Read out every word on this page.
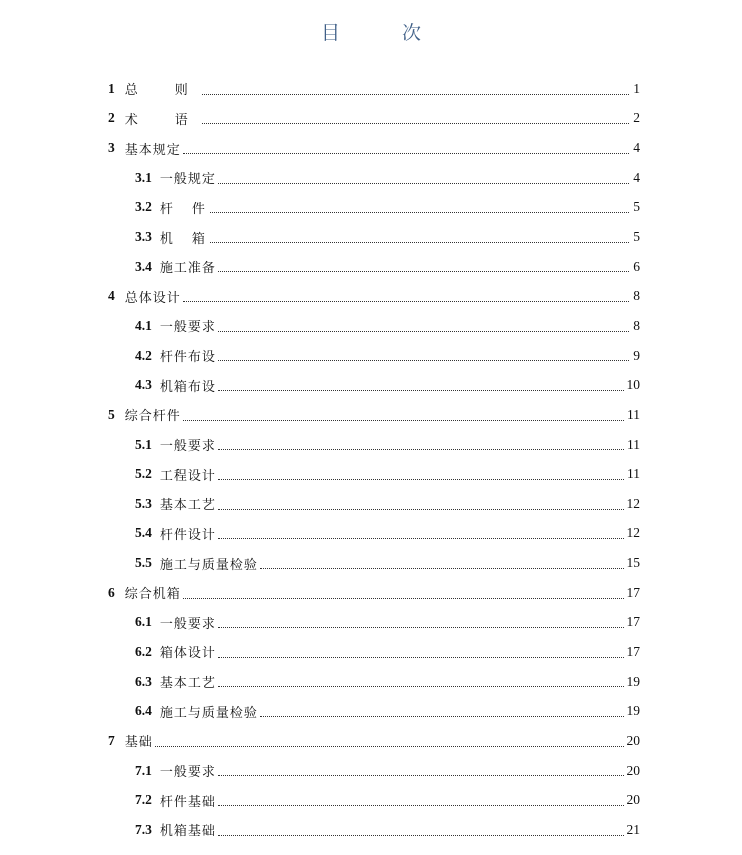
目 次
1 总　则	1
2 术　语	2
3 基本规定	4
3.1 一般规定	4
3.2 杆　件	5
3.3 机　箱	5
3.4 施工准备	6
4 总体设计	8
4.1 一般要求	8
4.2 杆件布设	9
4.3 机箱布设	10
5 综合杆件	11
5.1 一般要求	11
5.2 工程设计	11
5.3 基本工艺	12
5.4 杆件设计	12
5.5 施工与质量检验	15
6 综合机箱	17
6.1 一般要求	17
6.2 箱体设计	17
6.3 基本工艺	19
6.4 施工与质量检验	19
7 基础	20
7.1 一般要求	20
7.2 杆件基础	20
7.3 机箱基础	21
